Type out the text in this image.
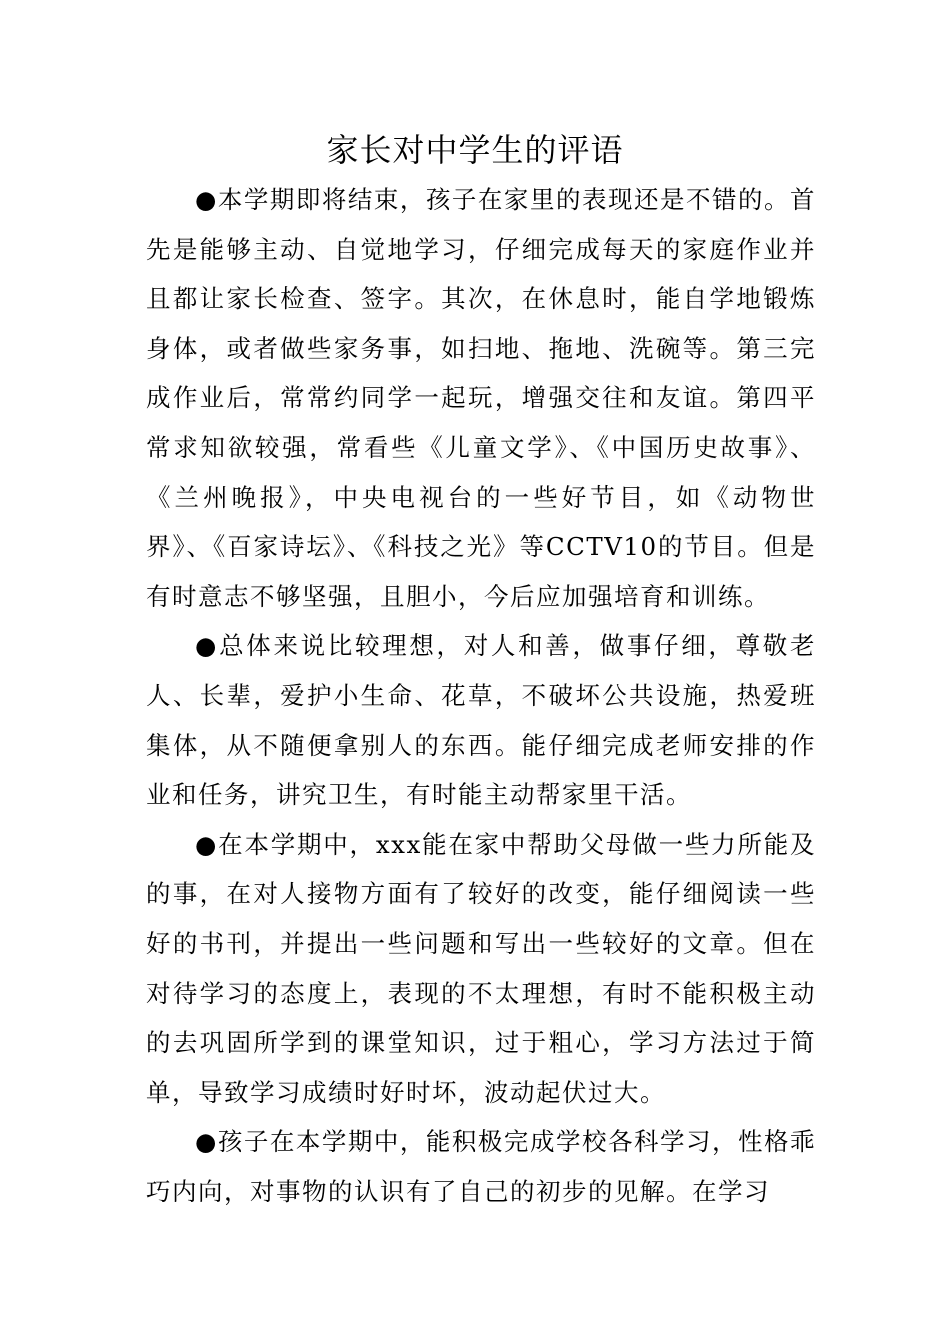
家长对中学生的评语

●本学期即将结束，孩子在家里的表现还是不错的。首先是能够主动、自觉地学习，仔细完成每天的家庭作业并且都让家长检查、签字。其次，在休息时，能自学地锻炼身体，或者做些家务事，如扫地、拖地、洗碗等。第三完成作业后，常常约同学一起玩，增强交往和友谊。第四平常求知欲较强，常看些《儿童文学》、《中国历史故事》、《兰州晚报》，中央电视台的一些好节目，如《动物世界》、《百家诗坛》、《科技之光》等CCTV10的节目。但是有时意志不够坚强，且胆小，今后应加强培育和训练。

●总体来说比较理想，对人和善，做事仔细，尊敬老人、长辈，爱护小生命、花草，不破坏公共设施，热爱班集体，从不随便拿别人的东西。能仔细完成老师安排的作业和任务，讲究卫生，有时能主动帮家里干活。

●在本学期中，xxx能在家中帮助父母做一些力所能及的事，在对人接物方面有了较好的改变，能仔细阅读一些好的书刊，并提出一些问题和写出一些较好的文章。但在对待学习的态度上，表现的不太理想，有时不能积极主动的去巩固所学到的课堂知识，过于粗心，学习方法过于简单，导致学习成绩时好时坏，波动起伏过大。

●孩子在本学期中，能积极完成学校各科学习，性格乖巧内向，对事物的认识有了自己的初步的见解。在学习
